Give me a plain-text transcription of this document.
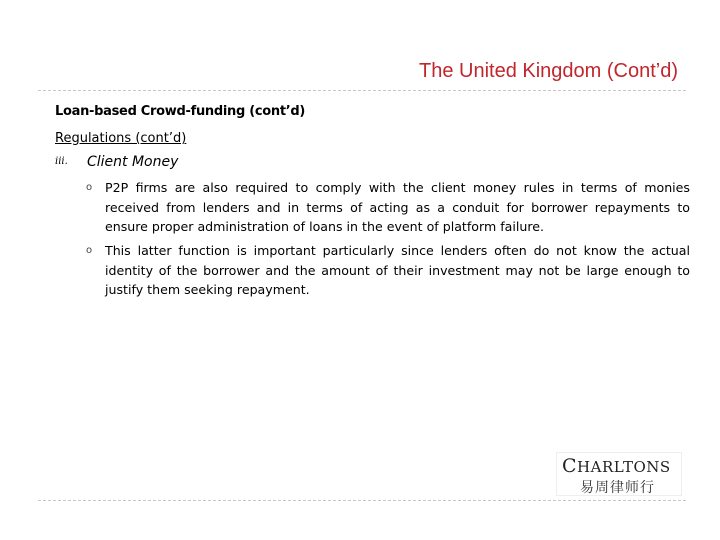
The United Kingdom (Cont’d)
Loan-based Crowd-funding (cont’d)
Regulations (cont’d)
iii. Client Money
o P2P firms are also required to comply with the client money rules in terms of monies received from lenders and in terms of acting as a conduit for borrower repayments to ensure proper administration of loans in the event of platform failure.
o This latter function is important particularly since lenders often do not know the actual identity of the borrower and the amount of their investment may not be large enough to justify them seeking repayment.
CHARLTONS
易周律师行
